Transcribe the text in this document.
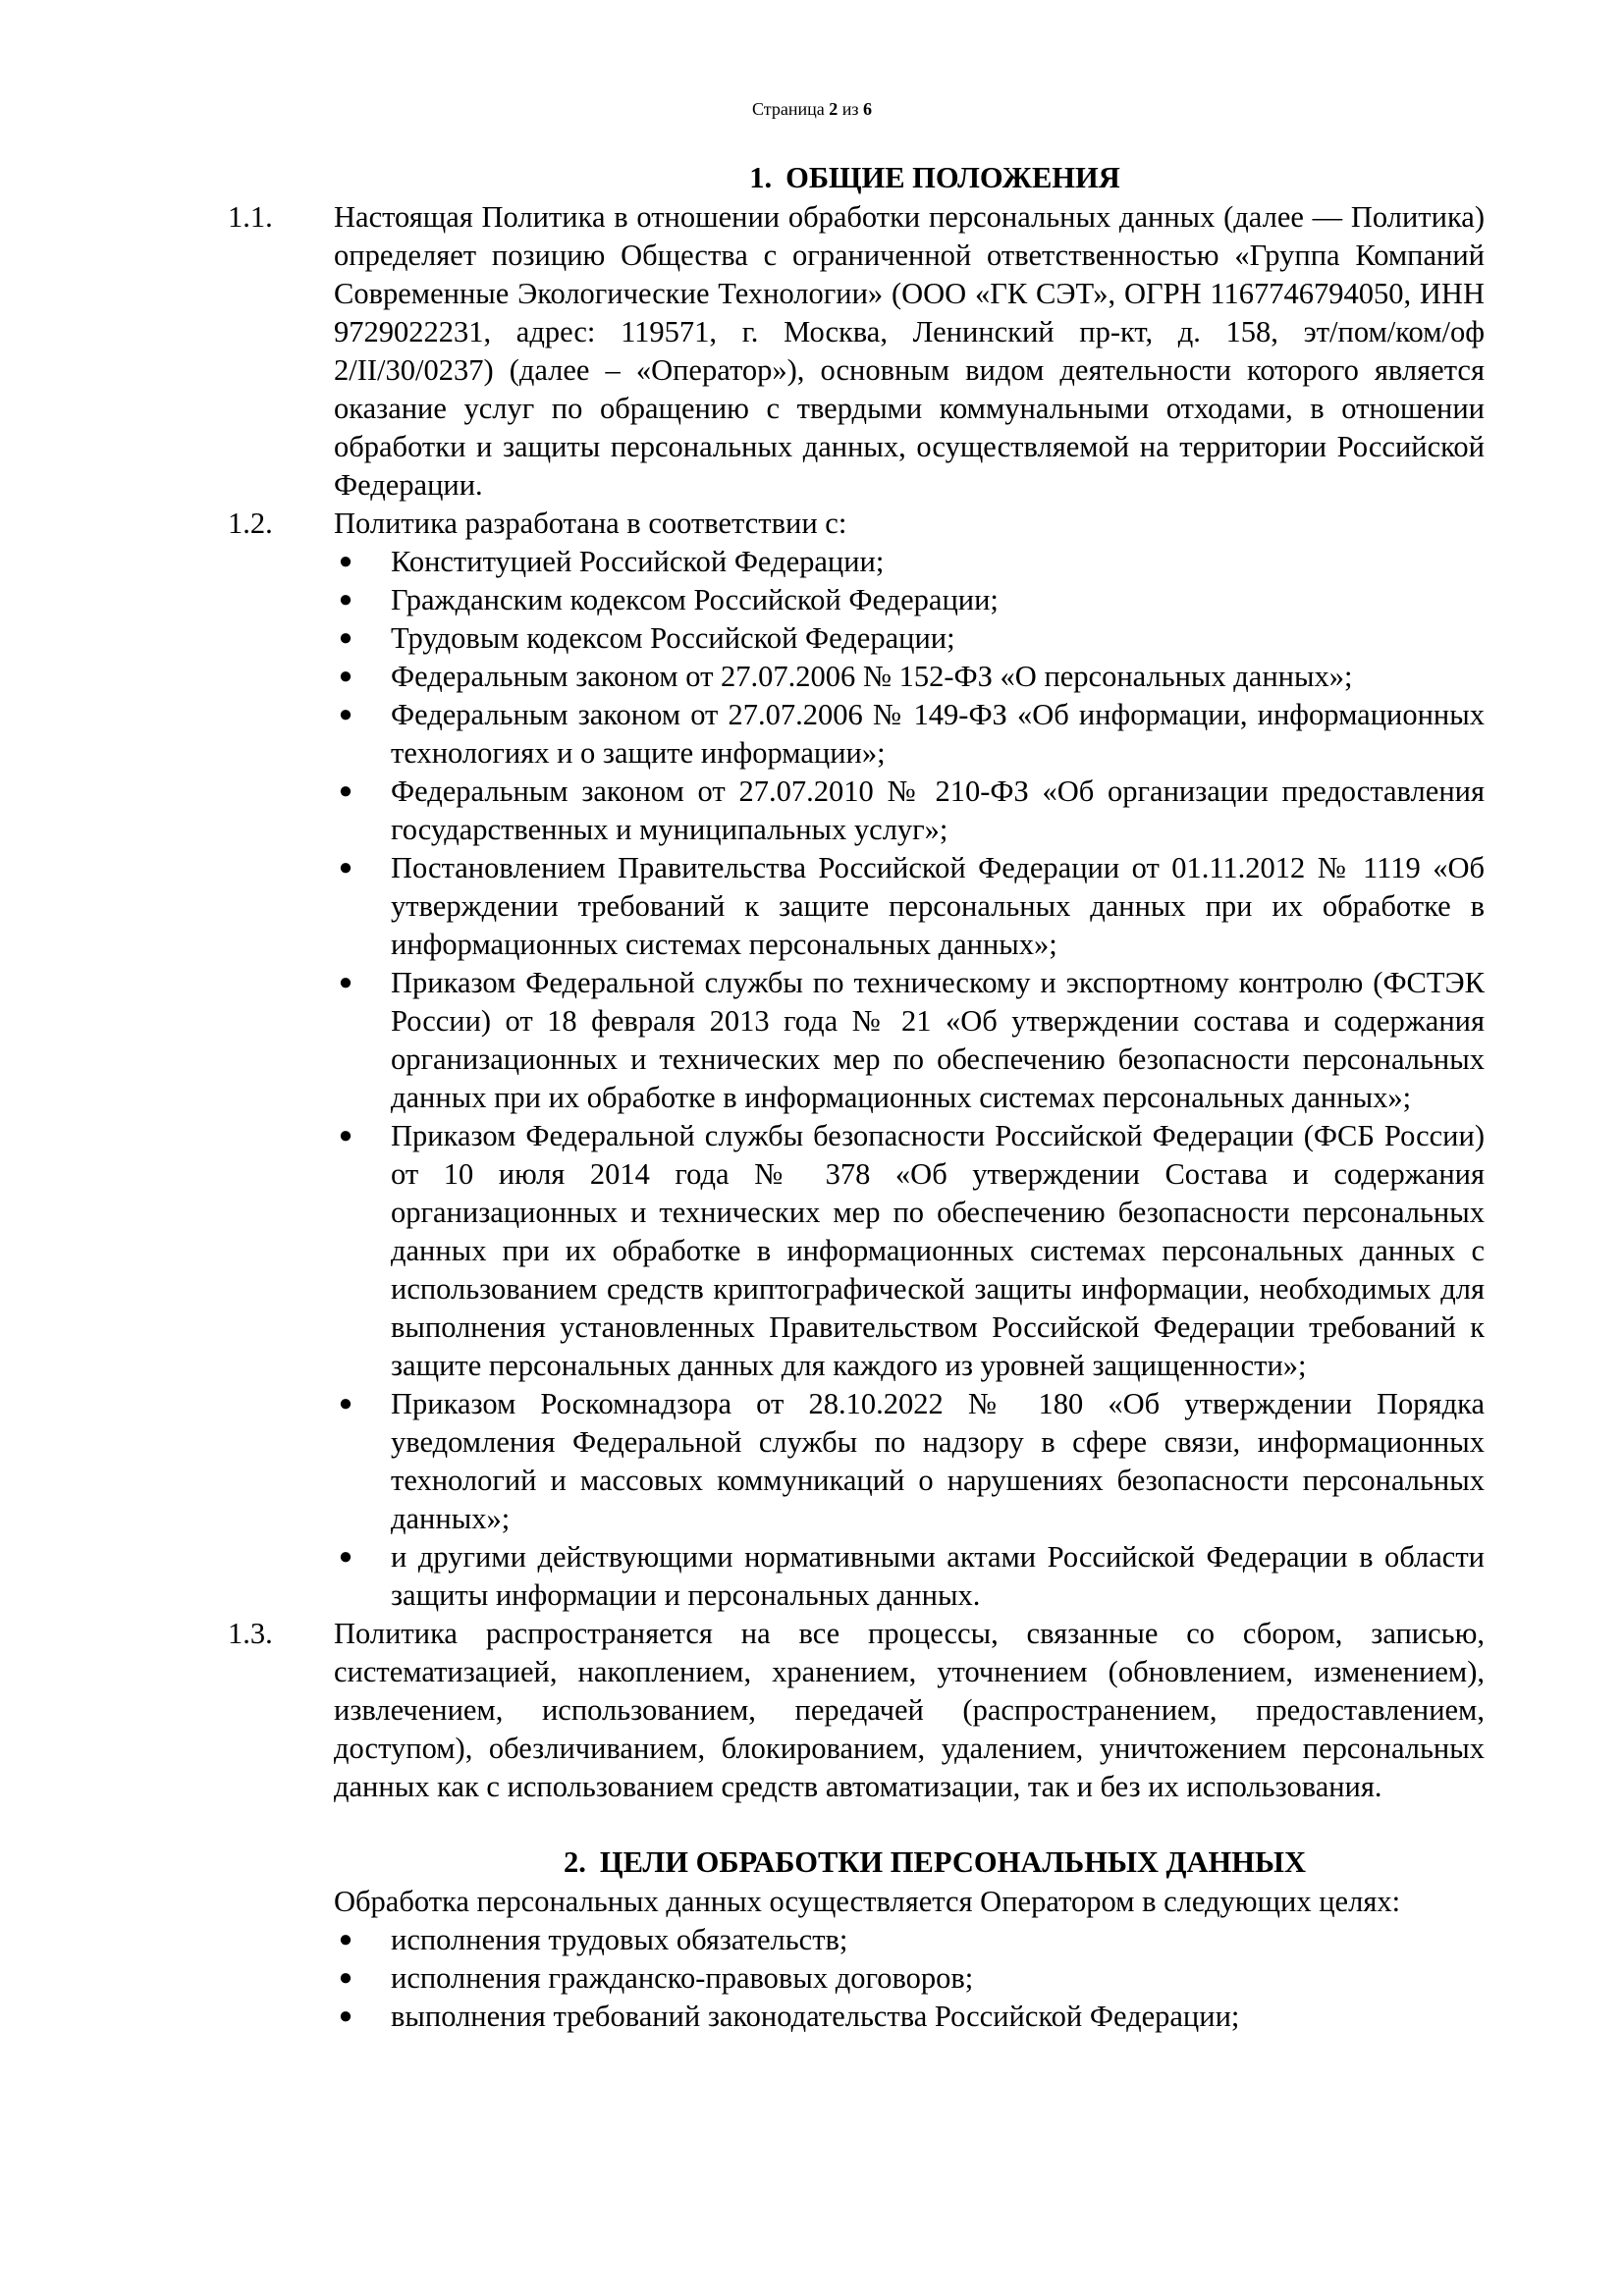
Страница 2 из 6
1. ОБЩИЕ ПОЛОЖЕНИЯ
1.1. Настоящая Политика в отношении обработки персональных данных (далее — Политика) определяет позицию Общества с ограниченной ответственностью «Группа Компаний Современные Экологические Технологии» (ООО «ГК СЭТ», ОГРН 1167746794050, ИНН 9729022231, адрес: 119571, г. Москва, Ленинский пр-кт, д. 158, эт/пом/ком/оф 2/II/30/0237) (далее – «Оператор»), основным видом деятельности которого является оказание услуг по обращению с твердыми коммунальными отходами, в отношении обработки и защиты персональных данных, осуществляемой на территории Российской Федерации.

1.2. Политика разработана в соответствии с:

● Конституцией Российской Федерации;
● Гражданским кодексом Российской Федерации;
● Трудовым кодексом Российской Федерации;
● Федеральным законом от 27.07.2006 № 152-ФЗ «О персональных данных»;
● Федеральным законом от 27.07.2006 № 149-ФЗ «Об информации, информационных технологиях и о защите информации»;
● Федеральным законом от 27.07.2010 № 210-ФЗ «Об организации предоставления государственных и муниципальных услуг»;
● Постановлением Правительства Российской Федерации от 01.11.2012 № 1119 «Об утверждении требований к защите персональных данных при их обработке в информационных системах персональных данных»;
● Приказом Федеральной службы по техническому и экспортному контролю (ФСТЭК России) от 18 февраля 2013 года № 21 «Об утверждении состава и содержания организационных и технических мер по обеспечению безопасности персональных данных при их обработке в информационных системах персональных данных»;
● Приказом Федеральной службы безопасности Российской Федерации (ФСБ России) от 10 июля 2014 года № 378 «Об утверждении Состава и содержания организационных и технических мер по обеспечению безопасности персональных данных при их обработке в информационных системах персональных данных с использованием средств криптографической защиты информации, необходимых для выполнения установленных Правительством Российской Федерации требований к защите персональных данных для каждого из уровней защищенности»;
● Приказом Роскомнадзора от 28.10.2022 № 180 «Об утверждении Порядка уведомления Федеральной службы по надзору в сфере связи, информационных технологий и массовых коммуникаций о нарушениях безопасности персональных данных»;
● и другими действующими нормативными актами Российской Федерации в области защиты информации и персональных данных.
1.3. Политика распространяется на все процессы, связанные со сбором, записью, систематизацией, накоплением, хранением, уточнением (обновлением, изменением), извлечением, использованием, передачей (распространением, предоставлением, доступом), обезличиванием, блокированием, удалением, уничтожением персональных данных как с использованием средств автоматизации, так и без их использования.

2. ЦЕЛИ ОБРАБОТКИ ПЕРСОНАЛЬНЫХ ДАННЫХ

Обработка персональных данных осуществляется Оператором в следующих целях:

● исполнения трудовых обязательств;
● исполнения гражданско-правовых договоров;
● выполнения требований законодательства Российской Федерации;
